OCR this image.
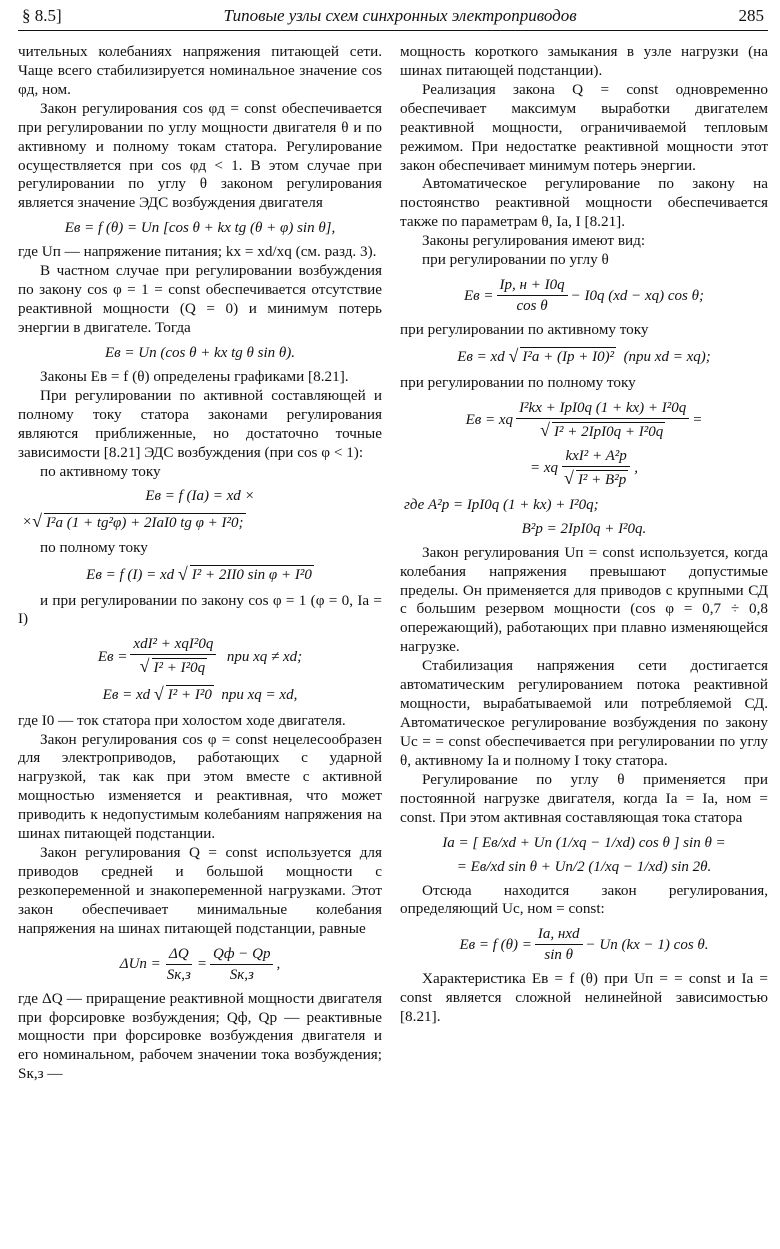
§ 8.5]	Типовые узлы схем синхронных электроприводов	285

чительных колебаниях напряжения питающей сети. Чаще всего стабилизируется номинальное значение cos φд, ном.

Закон регулирования cos φд = const обеспечивается при регулировании по углу мощности двигателя θ и по активному и полному токам статора. Регулирование осуществляется при cos φд < 1. В этом случае при регулировании по углу θ законом регулирования является значение ЭДС возбуждения двигателя

Eв = f (θ) = Uп [cos θ + kx tg (θ + φ) sin θ],

где Uп — напряжение питания; kx = xd/xq (см. разд. 3).

В частном случае при регулировании возбуждения по закону cos φ = 1 = const обеспечивается отсутствие реактивной мощности (Q = 0) и минимум потерь энергии в двигателе. Тогда

Eв = Uп (cos θ + kx tg θ sin θ).

Законы Eв = f (θ) определены графиками [8.21].

При регулировании по активной составляющей и полному току статора законами регулирования являются приближенные, но достаточно точные зависимости [8.21] ЭДС возбуждения (при cos φ < 1):

по активному току

Eв = f (Iа) = xd ×
× √ I²а (1 + tg²φ) + 2IаI0 tg φ + I²0;

по полному току

Eв = f (I) = xd
√ I² + 2II0 sin φ + I²0

и при регулировании по закону cos φ = 1 (φ = 0, Iа = I)

Eв = $\frac{\text{xdI² + xqI²0q}}{\text{√ I² + I²0q}}$
при xq ≠ xd;
Eв = xd
√ I² + I²0
при xq = xd,

где I0 — ток статора при холостом ходе двигателя.

Закон регулирования cos φ = const нецелесообразен для электроприводов, работающих с ударной нагрузкой, так как при этом вместе с активной мощностью изменяется и реактивная, что может приводить к недопустимым колебаниям напряжения на шинах питающей подстанции.

Закон регулирования Q = const используется для приводов средней и большой мощности с резкопеременной и знакопеременной нагрузками. Этот закон обеспечивает минимальные колебания напряжения на шинах питающей подстанции, равные

$\Delta Uп = \frac{\Delta Q}{Sк,з} = \frac{Qф - Qр}{Sк,з}$ ,

где ΔQ — приращение реактивной мощности двигателя при форсировке возбуждения; Qф, Qр — реактивные мощности при форсировке возбуждения двигателя и его номинальном, рабочем значении тока возбуждения; Sк,з —

мощность короткого замыкания в узле нагрузки (на шинах питающей подстанции).

Реализация закона Q = const одновременно обеспечивает максимум выработки двигателем реактивной мощности, ограничиваемой тепловым режимом. При недостатке реактивной мощности этот закон обеспечивает минимум потерь энергии.

Автоматическое регулирование по закону на постоянство реактивной мощности обеспечивается также по параметрам θ, Iа, I [8.21].

Законы регулирования имеют вид:

при регулировании по углу θ

Eв = $\frac{Iр, н + I0q}{\text{cos θ}} - I0q$ (xd − xq) cos θ;

при регулировании по активному току

Eв = xd
√ I²а + (Iр + I0)²
(при xd = xq);

при регулировании по полному току

Eв = xq $\frac{\text{I²kx + IрI0q (1 + kx) + I²0q}}{\text{√ I² + 2IрI0q + I²0q}}$ =
= xq $\frac{\text{kxI² + A²р}}{\text{√ I² + B²р}}$ ,
где A²р = IрI0q (1 + kx) + I²0q;
B²р = 2IрI0q + I²0q.

Закон регулирования Uп = const используется, когда колебания напряжения превышают допустимые пределы. Он применяется для приводов с крупными СД с большим резервом мощности (cos φ = 0,7 ÷ 0,8 опережающий), работающих при плавно изменяющейся нагрузке.

Стабилизация напряжения сети достигается автоматическим регулированием потока реактивной мощности, вырабатываемой или потребляемой СД. Автоматическое регулирование возбуждения по закону Uс = = const обеспечивается при регулировании по углу θ, активному Iа и полному I току статора.

Регулирование по углу θ применяется при постоянной нагрузке двигателя, когда Iа = Iа, ном = const. При этом активная составляющая тока статора

Iа = [ Eв/xd + Uп (1/xq − 1/xd) cos θ ] sin θ =
= Eв/xd sin θ + Uп/2 (1/xq − 1/xd) sin 2θ.

Отсюда находится закон регулирования, определяющий Uс, ном = const:

Eв = f $(\theta) = \frac{\text{Iа, нxd}}{\text{sin θ}}$ − Uп (kx − 1) cos θ.

Характеристика Eв = f (θ) при Uп = = const и Iа = const является сложной нелинейной зависимостью [8.21].
